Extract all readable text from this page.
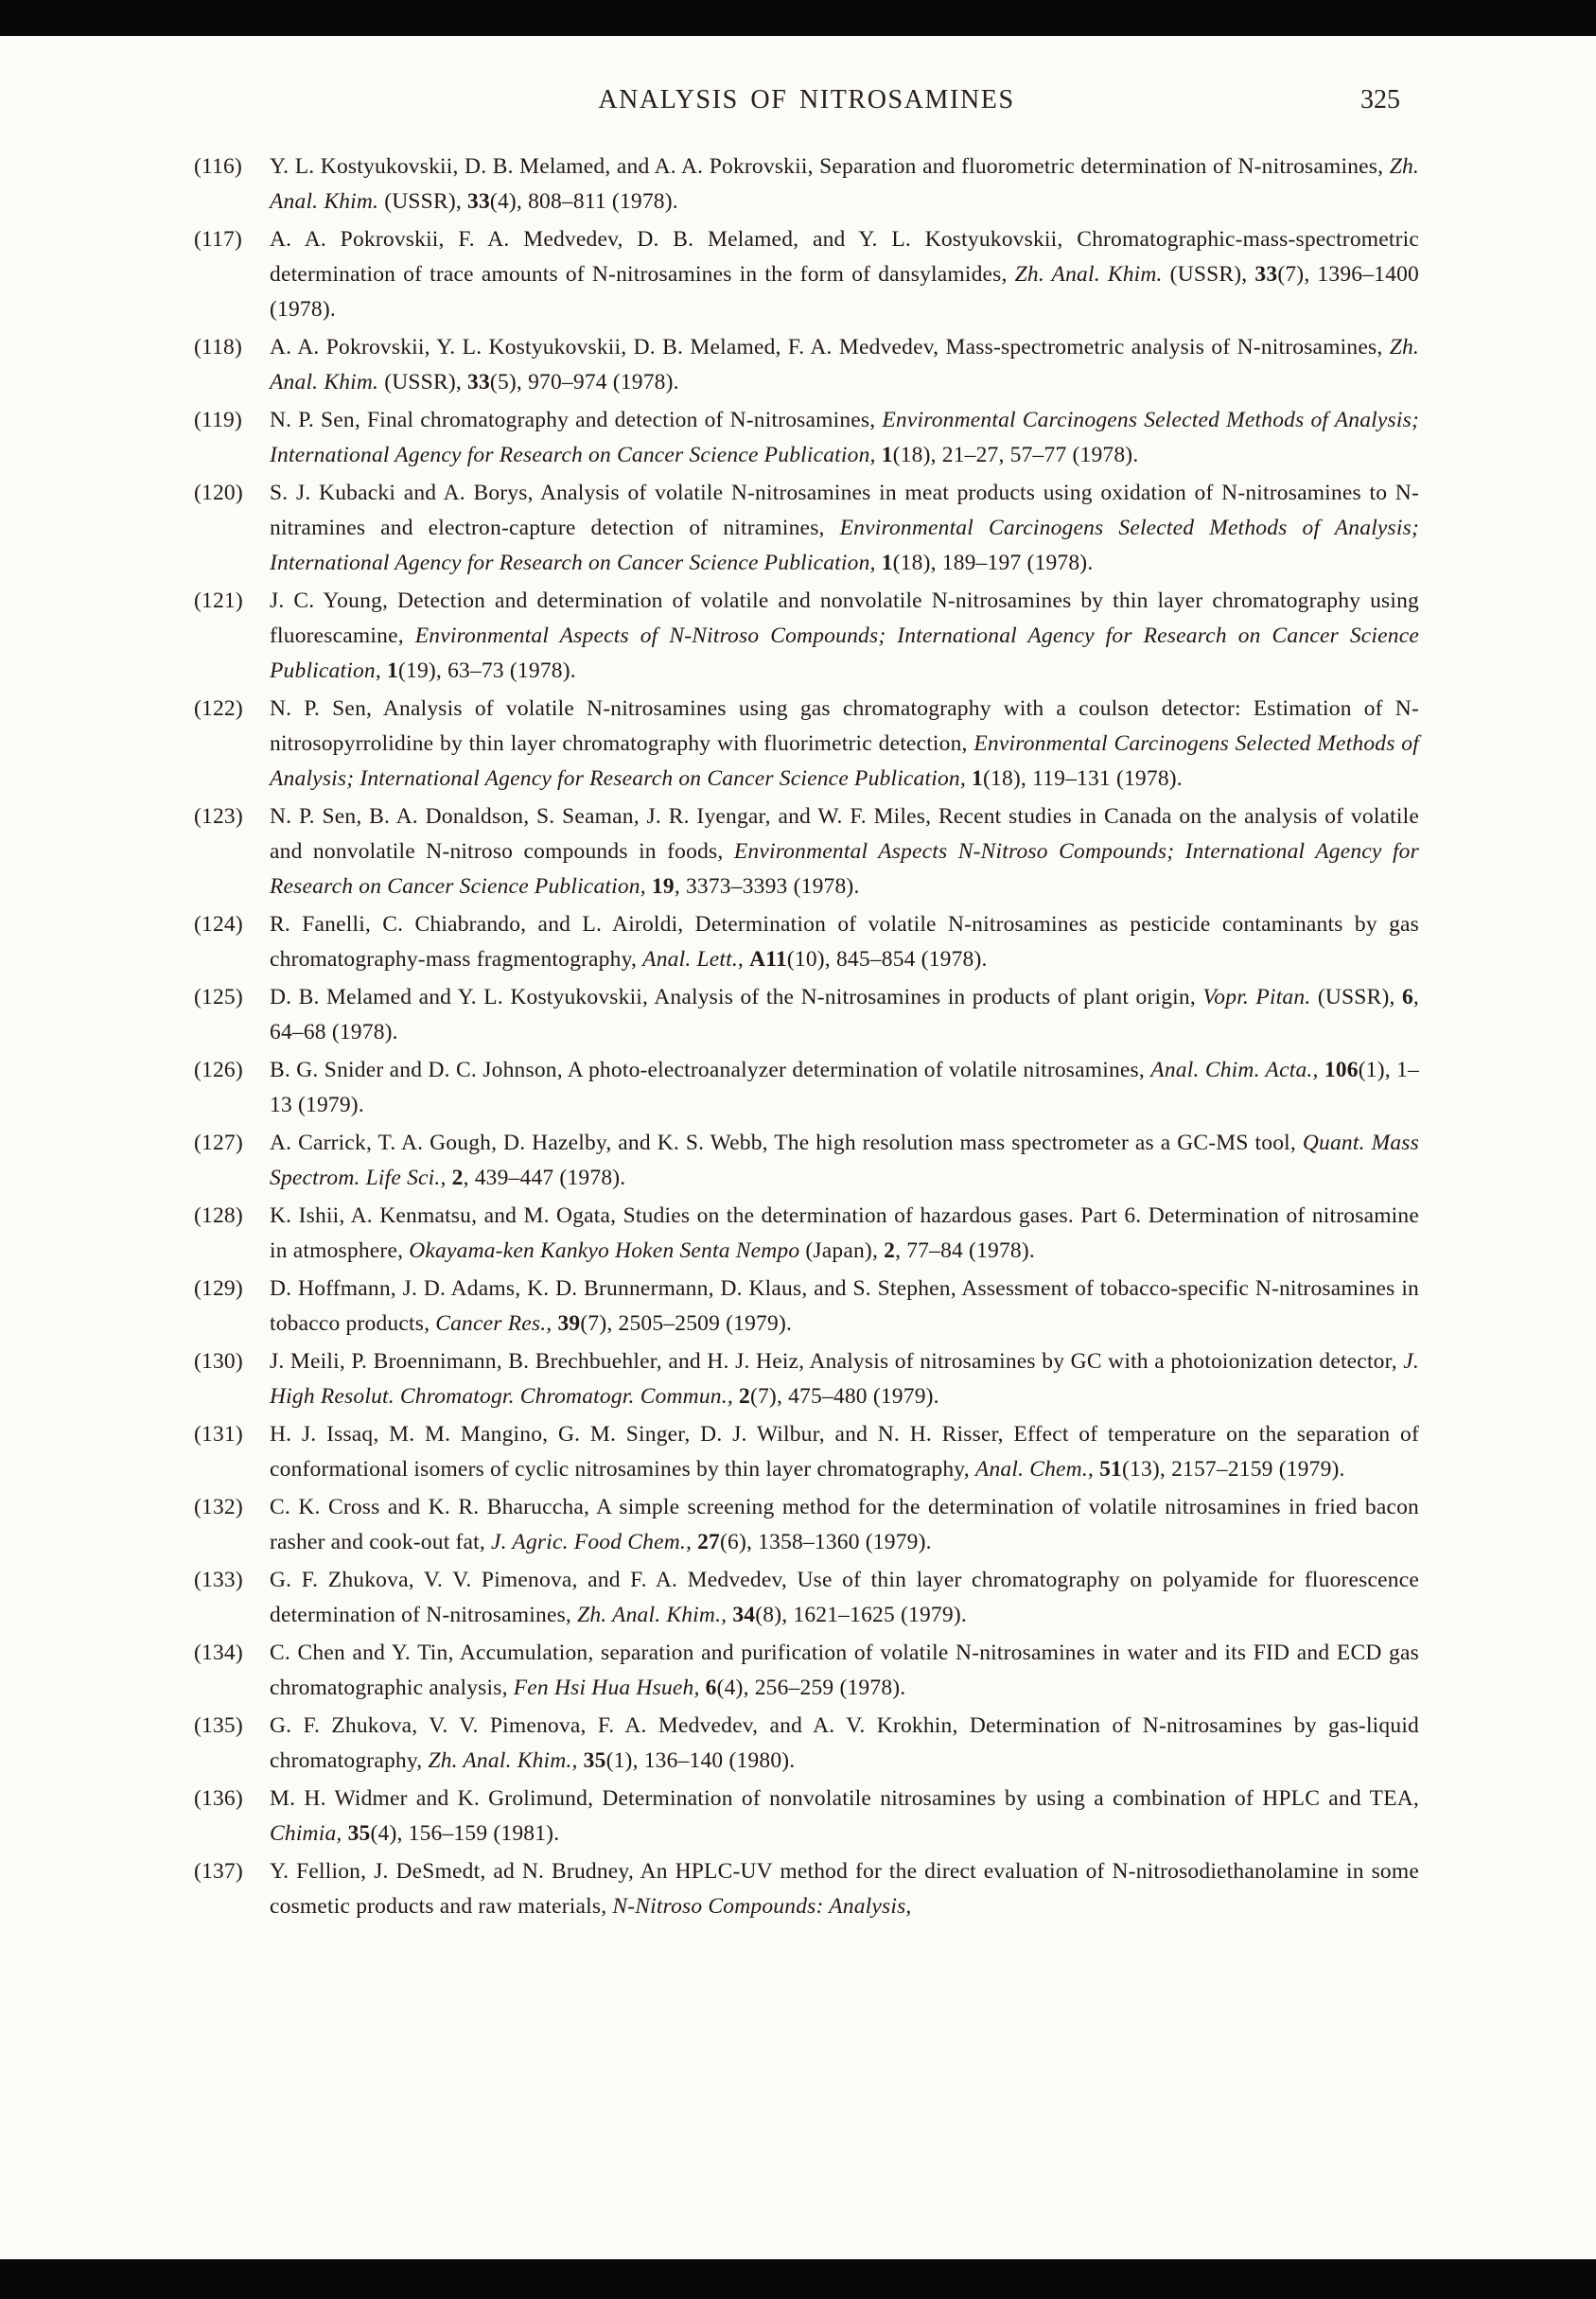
ANALYSIS OF NITROSAMINES	325
(116)	Y. L. Kostyukovskii, D. B. Melamed, and A. A. Pokrovskii, Separation and fluorometric determination of N-nitrosamines, Zh. Anal. Khim. (USSR), 33(4), 808–811 (1978).
(117)	A. A. Pokrovskii, F. A. Medvedev, D. B. Melamed, and Y. L. Kostyukovskii, Chromatographic-mass-spectrometric determination of trace amounts of N-nitrosamines in the form of dansylamides, Zh. Anal. Khim. (USSR), 33(7), 1396–1400 (1978).
(118)	A. A. Pokrovskii, Y. L. Kostyukovskii, D. B. Melamed, F. A. Medvedev, Mass-spectrometric analysis of N-nitrosamines, Zh. Anal. Khim. (USSR), 33(5), 970–974 (1978).
(119)	N. P. Sen, Final chromatography and detection of N-nitrosamines, Environmental Carcinogens Selected Methods of Analysis; International Agency for Research on Cancer Science Publication, 1(18), 21–27, 57–77 (1978).
(120)	S. J. Kubacki and A. Borys, Analysis of volatile N-nitrosamines in meat products using oxidation of N-nitrosamines to N-nitramines and electron-capture detection of nitramines, Environmental Carcinogens Selected Methods of Analysis; International Agency for Research on Cancer Science Publication, 1(18), 189–197 (1978).
(121)	J. C. Young, Detection and determination of volatile and nonvolatile N-nitrosamines by thin layer chromatography using fluorescamine, Environmental Aspects of N-Nitroso Compounds; International Agency for Research on Cancer Science Publication, 1(19), 63–73 (1978).
(122)	N. P. Sen, Analysis of volatile N-nitrosamines using gas chromatography with a coulson detector: Estimation of N-nitrosopyrrolidine by thin layer chromatography with fluorimetric detection, Environmental Carcinogens Selected Methods of Analysis; International Agency for Research on Cancer Science Publication, 1(18), 119–131 (1978).
(123)	N. P. Sen, B. A. Donaldson, S. Seaman, J. R. Iyengar, and W. F. Miles, Recent studies in Canada on the analysis of volatile and nonvolatile N-nitroso compounds in foods, Environmental Aspects N-Nitroso Compounds; International Agency for Research on Cancer Science Publication, 19, 3373–3393 (1978).
(124)	R. Fanelli, C. Chiabrando, and L. Airoldi, Determination of volatile N-nitrosamines as pesticide contaminants by gas chromatography-mass fragmentography, Anal. Lett., A11(10), 845–854 (1978).
(125)	D. B. Melamed and Y. L. Kostyukovskii, Analysis of the N-nitrosamines in products of plant origin, Vopr. Pitan. (USSR), 6, 64–68 (1978).
(126)	B. G. Snider and D. C. Johnson, A photo-electroanalyzer determination of volatile nitrosamines, Anal. Chim. Acta., 106(1), 1–13 (1979).
(127)	A. Carrick, T. A. Gough, D. Hazelby, and K. S. Webb, The high resolution mass spectrometer as a GC-MS tool, Quant. Mass Spectrom. Life Sci., 2, 439–447 (1978).
(128)	K. Ishii, A. Kenmatsu, and M. Ogata, Studies on the determination of hazardous gases. Part 6. Determination of nitrosamine in atmosphere, Okayama-ken Kankyo Hoken Senta Nempo (Japan), 2, 77–84 (1978).
(129)	D. Hoffmann, J. D. Adams, K. D. Brunnermann, D. Klaus, and S. Stephen, Assessment of tobacco-specific N-nitrosamines in tobacco products, Cancer Res., 39(7), 2505–2509 (1979).
(130)	J. Meili, P. Broennimann, B. Brechbuehler, and H. J. Heiz, Analysis of nitrosamines by GC with a photoionization detector, J. High Resolut. Chromatogr. Chromatogr. Commun., 2(7), 475–480 (1979).
(131)	H. J. Issaq, M. M. Mangino, G. M. Singer, D. J. Wilbur, and N. H. Risser, Effect of temperature on the separation of conformational isomers of cyclic nitrosamines by thin layer chromatography, Anal. Chem., 51(13), 2157–2159 (1979).
(132)	C. K. Cross and K. R. Bharuccha, A simple screening method for the determination of volatile nitrosamines in fried bacon rasher and cook-out fat, J. Agric. Food Chem., 27(6), 1358–1360 (1979).
(133)	G. F. Zhukova, V. V. Pimenova, and F. A. Medvedev, Use of thin layer chromatography on polyamide for fluorescence determination of N-nitrosamines, Zh. Anal. Khim., 34(8), 1621–1625 (1979).
(134)	C. Chen and Y. Tin, Accumulation, separation and purification of volatile N-nitrosamines in water and its FID and ECD gas chromatographic analysis, Fen Hsi Hua Hsueh, 6(4), 256–259 (1978).
(135)	G. F. Zhukova, V. V. Pimenova, F. A. Medvedev, and A. V. Krokhin, Determination of N-nitrosamines by gas-liquid chromatography, Zh. Anal. Khim., 35(1), 136–140 (1980).
(136)	M. H. Widmer and K. Grolimund, Determination of nonvolatile nitrosamines by using a combination of HPLC and TEA, Chimia, 35(4), 156–159 (1981).
(137)	Y. Fellion, J. DeSmedt, ad N. Brudney, An HPLC-UV method for the direct evaluation of N-nitrosodiethanolamine in some cosmetic products and raw materials, N-Nitroso Compounds: Analysis,
